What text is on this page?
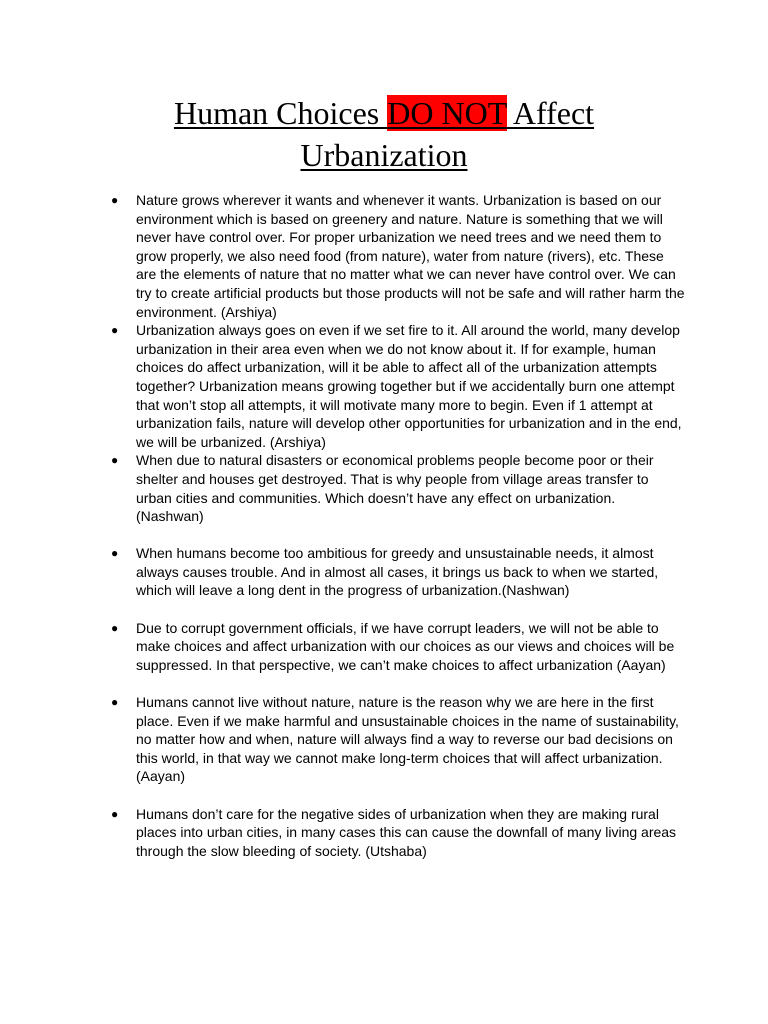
Human Choices DO NOT Affect
Urbanization
● Nature grows wherever it wants and whenever it wants. Urbanization is based on our environment which is based on greenery and nature. Nature is something that we will never have control over. For proper urbanization we need trees and we need them to grow properly, we also need food (from nature), water from nature (rivers), etc. These are the elements of nature that no matter what we can never have control over. We can try to create artificial products but those products will not be safe and will rather harm the environment. (Arshiya)
● Urbanization always goes on even if we set fire to it. All around the world, many develop urbanization in their area even when we do not know about it. If for example, human choices do affect urbanization, will it be able to affect all of the urbanization attempts together? Urbanization means growing together but if we accidentally burn one attempt that won’t stop all attempts, it will motivate many more to begin. Even if 1 attempt at urbanization fails, nature will develop other opportunities for urbanization and in the end, we will be urbanized. (Arshiya)
● When due to natural disasters or economical problems people become poor or their shelter and houses get destroyed. That is why people from village areas transfer to urban cities and communities. Which doesn’t have any effect on urbanization. (Nashwan)
● When humans become too ambitious for greedy and unsustainable needs, it almost always causes trouble. And in almost all cases, it brings us back to when we started, which will leave a long dent in the progress of urbanization.(Nashwan)
● Due to corrupt government officials, if we have corrupt leaders, we will not be able to make choices and affect urbanization with our choices as our views and choices will be suppressed. In that perspective, we can’t make choices to affect urbanization (Aayan)
● Humans cannot live without nature, nature is the reason why we are here in the first place. Even if we make harmful and unsustainable choices in the name of sustainability, no matter how and when, nature will always find a way to reverse our bad decisions on this world, in that way we cannot make long-term choices that will affect urbanization. (Aayan)
● Humans don’t care for the negative sides of urbanization when they are making rural places into urban cities, in many cases this can cause the downfall of many living areas through the slow bleeding of society. (Utshaba)
